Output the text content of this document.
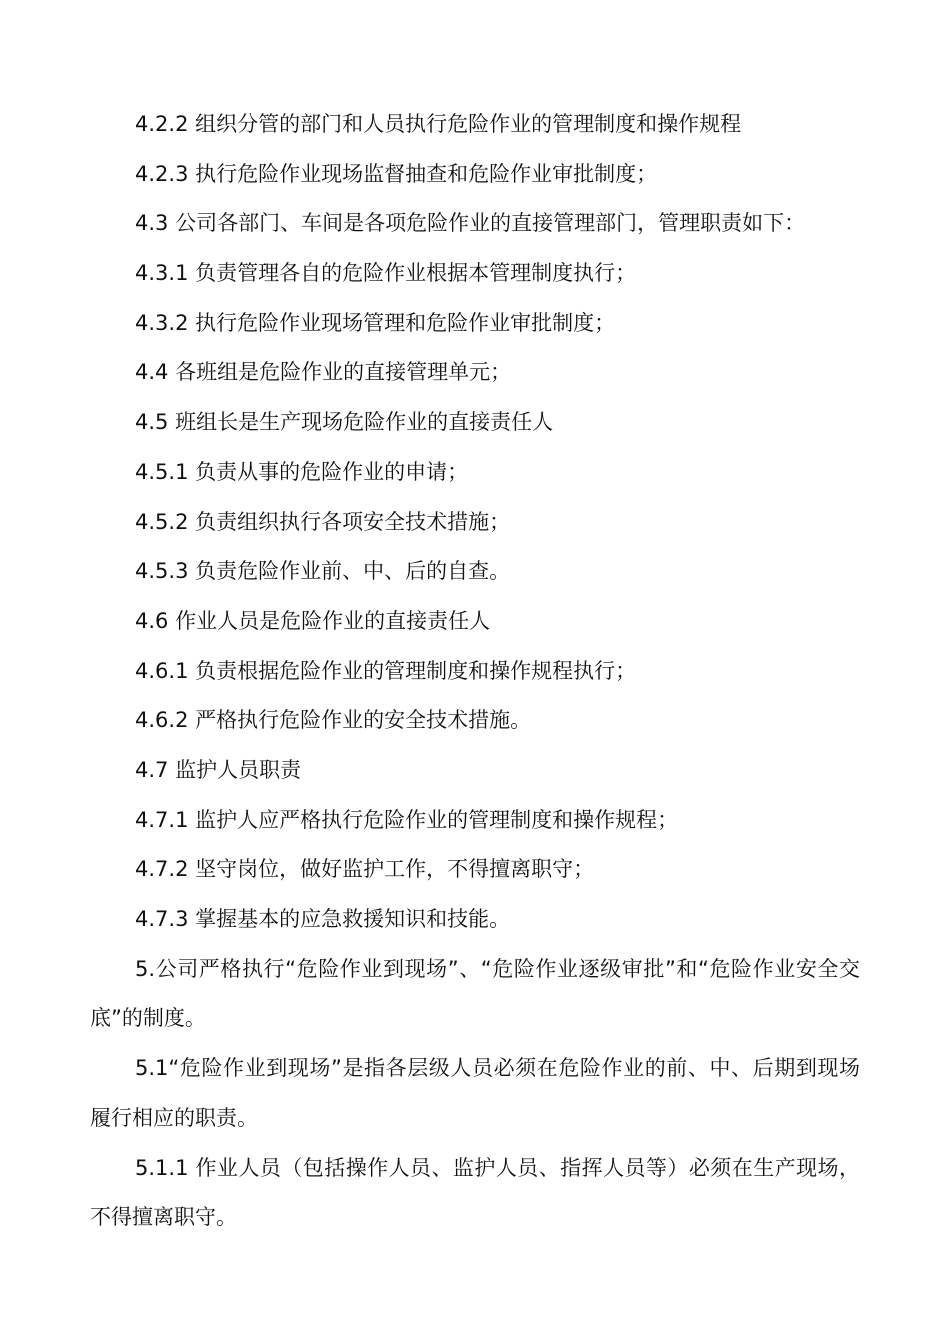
4.2.2 组织分管的部门和人员执行危险作业的管理制度和操作规程
4.2.3 执行危险作业现场监督抽查和危险作业审批制度；
4.3 公司各部门、车间是各项危险作业的直接管理部门，管理职责如下：
4.3.1 负责管理各自的危险作业根据本管理制度执行；
4.3.2 执行危险作业现场管理和危险作业审批制度；
4.4 各班组是危险作业的直接管理单元；
4.5 班组长是生产现场危险作业的直接责任人
4.5.1 负责从事的危险作业的申请；
4.5.2 负责组织执行各项安全技术措施；
4.5.3 负责危险作业前、中、后的自查。
4.6 作业人员是危险作业的直接责任人
4.6.1 负责根据危险作业的管理制度和操作规程执行；
4.6.2 严格执行危险作业的安全技术措施。
4.7 监护人员职责
4.7.1 监护人应严格执行危险作业的管理制度和操作规程；
4.7.2 坚守岗位，做好监护工作，不得擅离职守；
4.7.3 掌握基本的应急救援知识和技能。
5.公司严格执行“危险作业到现场”、“危险作业逐级审批”和“危险作业安全交底”的制度。
5.1“危险作业到现场”是指各层级人员必须在危险作业的前、中、后期到现场履行相应的职责。
5.1.1 作业人员（包括操作人员、监护人员、指挥人员等）必须在生产现场，不得擅离职守。
